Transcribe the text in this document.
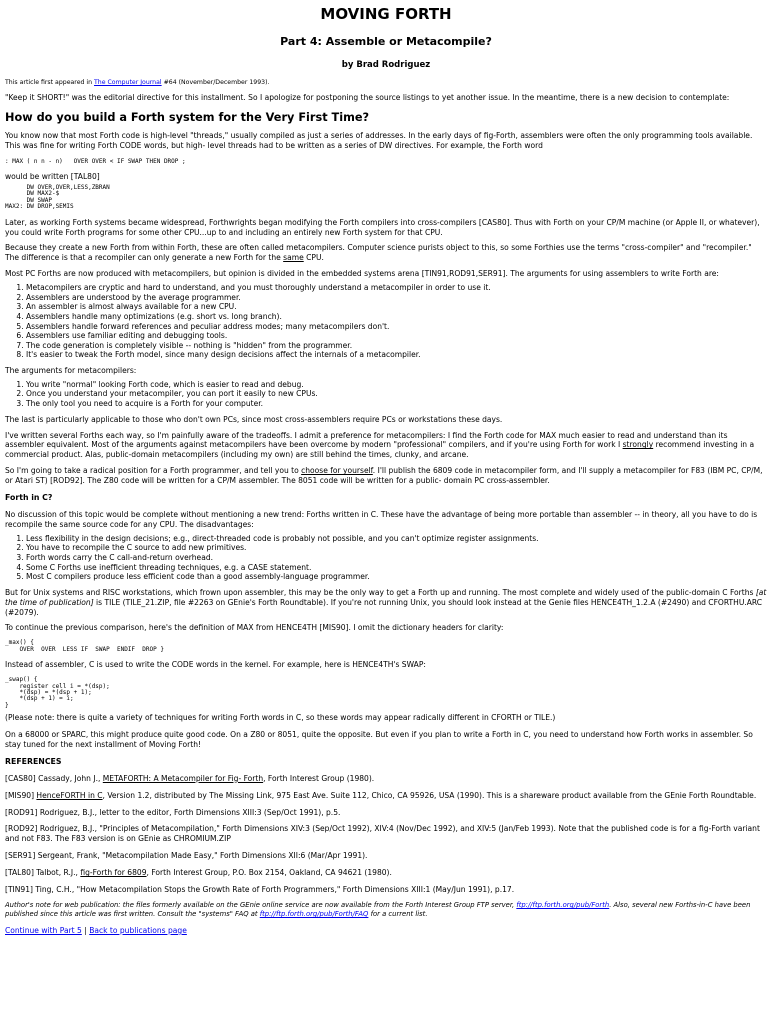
MOVING FORTH
Part 4: Assemble or Metacompile?
by Brad Rodriguez

This article first appeared in The Computer Journal #64 (November/December 1993).

"Keep it SHORT!" was the editorial directive for this installment. So I apologize for postponing the source listings to yet another issue. In the meantime, there is a new decision to contemplate:

How do you build a Forth system for the Very First Time?

You know now that most Forth code is high-level "threads," usually compiled as just a series of addresses. In the early days of fig-Forth, assemblers were often the only programming tools available. This was fine for writing Forth CODE words, but high- level threads had to be written as a series of DW directives. For example, the Forth word

: MAX ( n n - n)   OVER OVER < IF SWAP THEN DROP ;

would be written [TAL80]

DW OVER,OVER,LESS,ZBRAN
DW MAX2-$
DW SWAP
MAX2: DW DROP,SEMIS

Later, as working Forth systems became widespread, Forthwrights began modifying the Forth compilers into cross-compilers [CAS80]. Thus with Forth on your CP/M machine (or Apple II, or whatever), you could write Forth programs for some other CPU...up to and including an entirely new Forth system for that CPU.

Because they create a new Forth from within Forth, these are often called metacompilers. Computer science purists object to this, so some Forthies use the terms "cross-compiler" and "recompiler." The difference is that a recompiler can only generate a new Forth for the same CPU.

Most PC Forths are now produced with metacompilers, but opinion is divided in the embedded systems arena [TIN91,ROD91,SER91]. The arguments for using assemblers to write Forth are:

1. Metacompilers are cryptic and hard to understand, and you must thoroughly understand a metacompiler in order to use it.
2. Assemblers are understood by the average programmer.
3. An assembler is almost always available for a new CPU.
4. Assemblers handle many optimizations (e.g. short vs. long branch).
5. Assemblers handle forward references and peculiar address modes; many metacompilers don't.
6. Assemblers use familiar editing and debugging tools.
7. The code generation is completely visible -- nothing is "hidden" from the programmer.
8. It's easier to tweak the Forth model, since many design decisions affect the internals of a metacompiler.

The arguments for metacompilers:

1. You write "normal" looking Forth code, which is easier to read and debug.
2. Once you understand your metacompiler, you can port it easily to new CPUs.
3. The only tool you need to acquire is a Forth for your computer.

The last is particularly applicable to those who don't own PCs, since most cross-assemblers require PCs or workstations these days.

I've written several Forths each way, so I'm painfully aware of the tradeoffs. I admit a preference for metacompilers: I find the Forth code for MAX much easier to read and understand than its assembler equivalent. Most of the arguments against metacompilers have been overcome by modern "professional" compilers, and if you're using Forth for work I strongly recommend investing in a commercial product. Alas, public-domain metacompilers (including my own) are still behind the times, clunky, and arcane.

So I'm going to take a radical position for a Forth programmer, and tell you to choose for yourself. I'll publish the 6809 code in metacompiler form, and I'll supply a metacompiler for F83 (IBM PC, CP/M, or Atari ST) [ROD92]. The Z80 code will be written for a CP/M assembler. The 8051 code will be written for a public- domain PC cross-assembler.

Forth in C?

No discussion of this topic would be complete without mentioning a new trend: Forths written in C. These have the advantage of being more portable than assembler -- in theory, all you have to do is recompile the same source code for any CPU. The disadvantages:

1. Less flexibility in the design decisions; e.g., direct-threaded code is probably not possible, and you can't optimize register assignments.
2. You have to recompile the C source to add new primitives.
3. Forth words carry the C call-and-return overhead.
4. Some C Forths use inefficient threading techniques, e.g. a CASE statement.
5. Most C compilers produce less efficient code than a good assembly-language programmer.

But for Unix systems and RISC workstations, which frown upon assembler, this may be the only way to get a Forth up and running. The most complete and widely used of the public-domain C Forths [at the time of publication] is TILE (TILE_21.ZIP, file #2263 on GEnie's Forth Roundtable). If you're not running Unix, you should look instead at the Genie files HENCE4TH_1.2.A (#2490) and CFORTHU.ARC (#2079).

To continue the previous comparison, here's the definition of MAX from HENCE4TH [MIS90]. I omit the dictionary headers for clarity:

_max() {
OVER  OVER  LESS IF  SWAP  ENDIF  DROP }

Instead of assembler, C is used to write the CODE words in the kernel. For example, here is HENCE4TH's SWAP:

_swap() {
register cell i = *(dsp);
*(dsp) = *(dsp + 1);
*(dsp + 1) = i;
}

(Please note: there is quite a variety of techniques for writing Forth words in C, so these words may appear radically different in CFORTH or TILE.)

On a 68000 or SPARC, this might produce quite good code. On a Z80 or 8051, quite the opposite. But even if you plan to write a Forth in C, you need to understand how Forth works in assembler. So stay tuned for the next installment of Moving Forth!

REFERENCES

[CAS80] Cassady, John J., METAFORTH: A Metacompiler for Fig- Forth, Forth Interest Group (1980).

[MIS90] HenceFORTH in C, Version 1.2, distributed by The Missing Link, 975 East Ave. Suite 112, Chico, CA 95926, USA (1990). This is a shareware product available from the GEnie Forth Roundtable.

[ROD91] Rodriguez, B.J., letter to the editor, Forth Dimensions XIII:3 (Sep/Oct 1991), p.5.

[ROD92] Rodriguez, B.J., "Principles of Metacompilation," Forth Dimensions XIV:3 (Sep/Oct 1992), XIV:4 (Nov/Dec 1992), and XIV:5 (Jan/Feb 1993). Note that the published code is for a fig-Forth variant and not F83. The F83 version is on GEnie as CHROMIUM.ZIP

[SER91] Sergeant, Frank, "Metacompilation Made Easy," Forth Dimensions XII:6 (Mar/Apr 1991).

[TAL80] Talbot, R.J., fig-Forth for 6809, Forth Interest Group, P.O. Box 2154, Oakland, CA 94621 (1980).

[TIN91] Ting, C.H., "How Metacompilation Stops the Growth Rate of Forth Programmers," Forth Dimensions XIII:1 (May/Jun 1991), p.17.

Author's note for web publication: the files formerly available on the GEnie online service are now available from the Forth Interest Group FTP server, ftp://ftp.forth.org/pub/Forth. Also, several new Forths-in-C have been published since this article was first written. Consult the "systems" FAQ at ftp://ftp.forth.org/pub/Forth/FAQ for a current list.

Continue with Part 5 | Back to publications page
